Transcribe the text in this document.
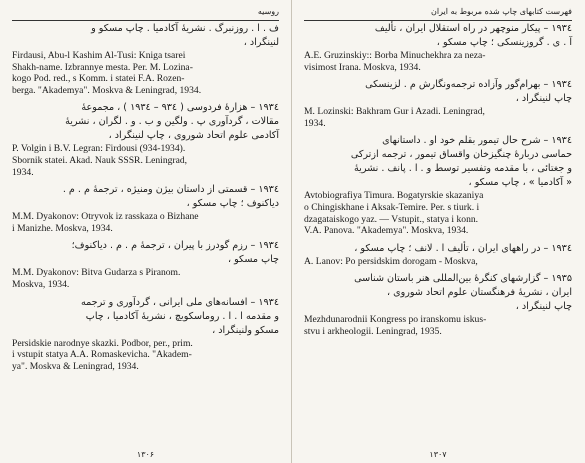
روسیه
ف . ا . روزنبرگ . نشریهٔ آکادمیا . چاپ مسکو و
لنینگراد ،
Firdausi, Abu-l Kashim Al-Tusi: Kniga tsarei
Shakh-name. Izbrannye mesta. Per. M. Lozina-
kogo Pod. red., s Komm. i statei F.A. Rozen-
berga. "Akademya". Moskva & Leningrad, 1934.
۱۹۳٤ – هزارهٔ فردوسی ( ۹۳٤ – ۱۹۳٤ ) ، مجموعهٔ
مقالات ، گردآوری پ . ولگین و ب . و . لگران ، نشریهٔ
آکادمی علوم اتحاد شوروی ، چاپ لنینگراد ،
P. Volgin i B.V. Legran: Firdousi (934-1934).
Sbornik statei. Akad. Nauk SSSR. Leningrad,
1934.
۱۹۳٤ – قسمتی از داستان بیژن ومنیژه ، ترجمهٔ م . م .
دیاکنوف ؛ چاپ مسکو ،
M.M. Dyakonov: Otryvok iz rasskaza o Bizhane
i Manizhe. Moskva, 1934.
۱۹۳٤ – رزم گودرز با پیران ، ترجمهٔ م . م . دیاکنوف؛
چاپ مسکو ،
M.M. Dyakonov: Bitva Gudarza s Piranom.
Moskva, 1934.
۱۹۳٤ – افسانه‌های ملی ایرانی ، گردآوری و ترجمه
و مقدمه ا . ا . روماسکویچ ، نشریهٔ آکادمیا ، چاپ
مسکو ولنینگراد ،
Persidskie narodnye skazki. Podbor, per., prim.
i vstupit statya A.A. Romaskevicha. "Akadem-
ya". Moskva & Leningrad, 1934.
۱۳۰۶
فهرست کتابهای چاپ شده مربوط به ایران
۱۹۳٤ – پیکار منوچهر در راه استقلال ایران ، تألیف
آ . ی . گروزینسکی ؛ چاپ مسکو ،
A.E. Gruzinskiy:: Borba Minuchekhra za neza-
visimost Irana. Moskva, 1934.
۱۹۳٤ – بهرام‌گور وآزاده ترجمه‌ونگارش م . لزینسکی
چاپ لنینگراد ،
M. Lozinski: Bakhram Gur i Azadi. Leningrad,
1934.
۱۹۳٤ – شرح حال تیمور بقلم خود او . داستانهای
حماسی دربارهٔ چنگیزخان واقساق تیمور ، ترجمه ازترکی
و جغتائی ، با مقدمه وتفسیر توسط و . ا . پانف . نشریهٔ
« آکادمیا » ، چاپ مسکو ،
Avtobiografiya Timura. Bogatyrskie skazaniya
o Chingiskhane i Aksak-Temire. Per. s tiurk. i
dzagataiskogo yaz. — Vstupit., statya i konn.
V.A. Panova. "Akademya". Moskva, 1934.
۱۹۳٤ – در راههای ایران ، تألیف ا . لانف ؛ چاپ مسکو ،
A. Lanov: Po persidskim dorogam - Moskva,
۱۹۳۵ – گزارشهای کنگرهٔ بین‌المللی هنر باستان شناسی
ایران ، نشریهٔ فرهنگستان علوم اتحاد شوروی ،
چاپ لنینگراد ،
Mezhdunarodnii Kongress po iranskomu iskus-
stvu i arkheologii. Leningrad, 1935.
۱۳۰۷
